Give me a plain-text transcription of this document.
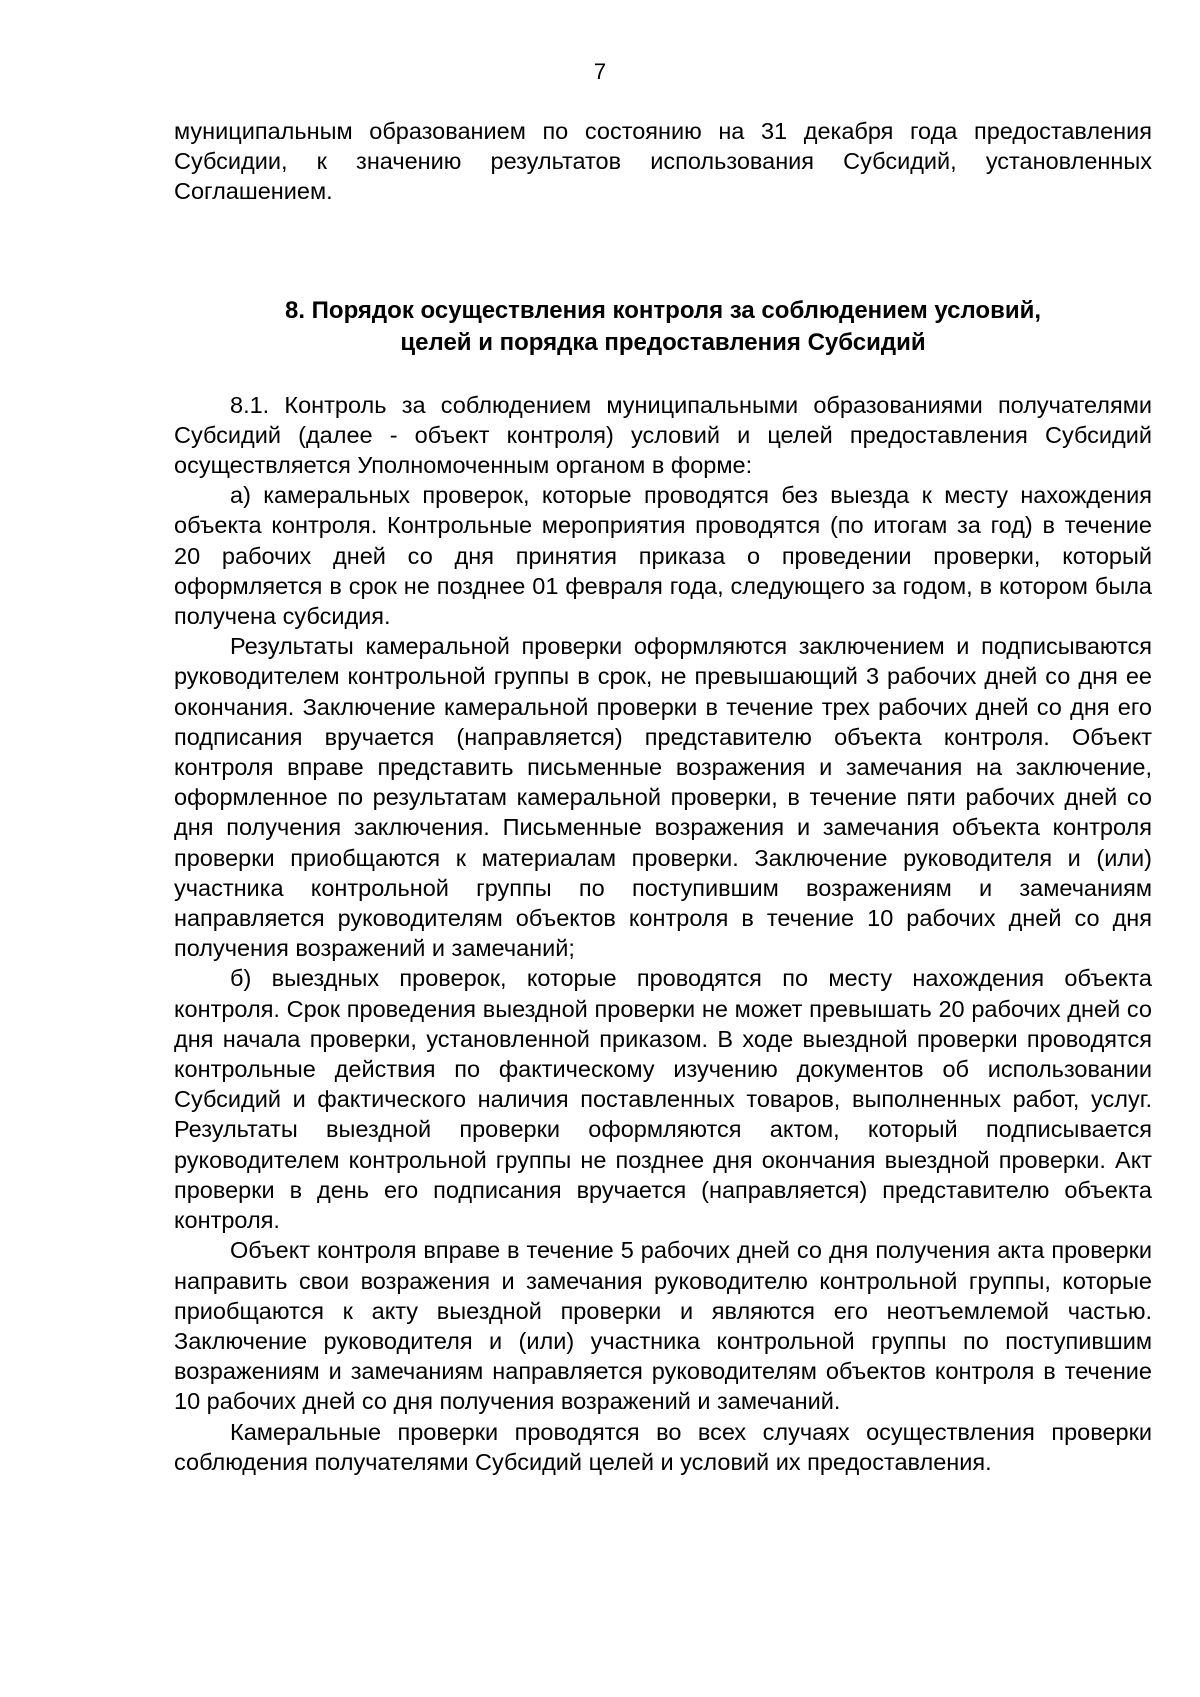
7

муниципальным образованием по состоянию на 31 декабря года предоставления Субсидии, к значению результатов использования Субсидий, установленных Соглашением.

8. Порядок осуществления контроля за соблюдением условий,
целей и порядка предоставления Субсидий

8.1. Контроль за соблюдением муниципальными образованиями получателями Субсидий (далее - объект контроля) условий и целей предоставления Субсидий осуществляется Уполномоченным органом в форме:

а) камеральных проверок, которые проводятся без выезда к месту нахождения объекта контроля. Контрольные мероприятия проводятся (по итогам за год) в течение 20 рабочих дней со дня принятия приказа о проведении проверки, который оформляется в срок не позднее 01 февраля года, следующего за годом, в котором была получена субсидия.

Результаты камеральной проверки оформляются заключением и подписываются руководителем контрольной группы в срок, не превышающий 3 рабочих дней со дня ее окончания. Заключение камеральной проверки в течение трех рабочих дней со дня его подписания вручается (направляется) представителю объекта контроля. Объект контроля вправе представить письменные возражения и замечания на заключение, оформленное по результатам камеральной проверки, в течение пяти рабочих дней со дня получения заключения. Письменные возражения и замечания объекта контроля проверки приобщаются к материалам проверки. Заключение руководителя и (или) участника контрольной группы по поступившим возражениям и замечаниям направляется руководителям объектов контроля в течение 10 рабочих дней со дня получения возражений и замечаний;

б) выездных проверок, которые проводятся по месту нахождения объекта контроля. Срок проведения выездной проверки не может превышать 20 рабочих дней со дня начала проверки, установленной приказом. В ходе выездной проверки проводятся контрольные действия по фактическому изучению документов об использовании Субсидий и фактического наличия поставленных товаров, выполненных работ, услуг. Результаты выездной проверки оформляются актом, который подписывается руководителем контрольной группы не позднее дня окончания выездной проверки. Акт проверки в день его подписания вручается (направляется) представителю объекта контроля.

Объект контроля вправе в течение 5 рабочих дней со дня получения акта проверки направить свои возражения и замечания руководителю контрольной группы, которые приобщаются к акту выездной проверки и являются его неотъемлемой частью. Заключение руководителя и (или) участника контрольной группы по поступившим возражениям и замечаниям направляется руководителям объектов контроля в течение 10 рабочих дней со дня получения возражений и замечаний.

Камеральные проверки проводятся во всех случаях осуществления проверки соблюдения получателями Субсидий целей и условий их предоставления.
